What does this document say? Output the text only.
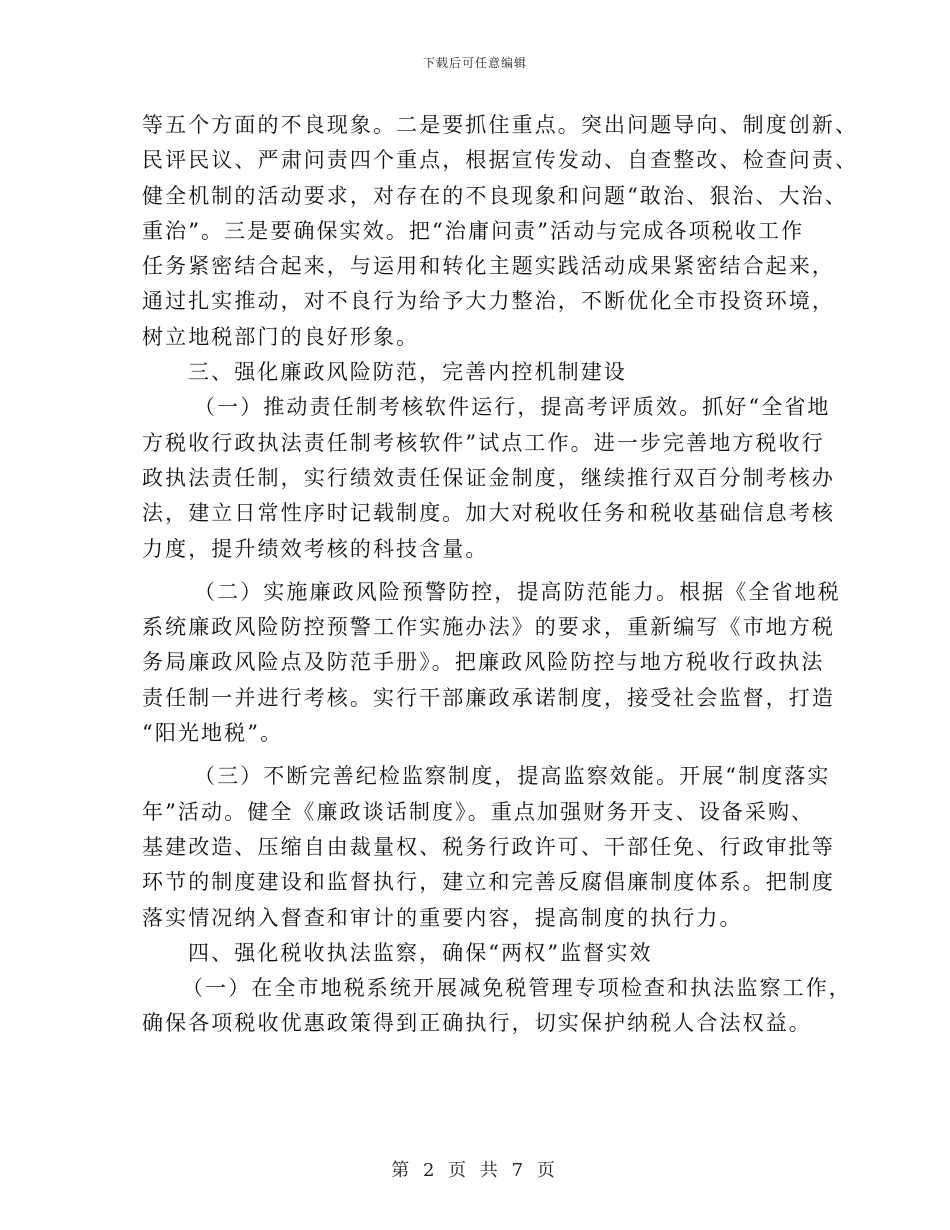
下载后可任意编辑
等五个方面的不良现象。二是要抓住重点。突出问题导向、制度创新、
民评民议、严肃问责四个重点，根据宣传发动、自查整改、检查问责、
健全机制的活动要求，对存在的不良现象和问题“敢治、狠治、大治、
重治”。三是要确保实效。把“治庸问责”活动与完成各项税收工作
任务紧密结合起来，与运用和转化主题实践活动成果紧密结合起来，
通过扎实推动，对不良行为给予大力整治，不断优化全市投资环境，
树立地税部门的良好形象。
三、强化廉政风险防范，完善内控机制建设
（一）推动责任制考核软件运行，提高考评质效。抓好“全省地
方税收行政执法责任制考核软件”试点工作。进一步完善地方税收行
政执法责任制，实行绩效责任保证金制度，继续推行双百分制考核办
法，建立日常性序时记载制度。加大对税收任务和税收基础信息考核
力度，提升绩效考核的科技含量。
（二）实施廉政风险预警防控，提高防范能力。根据《全省地税
系统廉政风险防控预警工作实施办法》的要求，重新编写《市地方税
务局廉政风险点及防范手册》。把廉政风险防控与地方税收行政执法
责任制一并进行考核。实行干部廉政承诺制度，接受社会监督，打造
“阳光地税”。
（三）不断完善纪检监察制度，提高监察效能。开展“制度落实
年”活动。健全《廉政谈话制度》。重点加强财务开支、设备采购、
基建改造、压缩自由裁量权、税务行政许可、干部任免、行政审批等
环节的制度建设和监督执行，建立和完善反腐倡廉制度体系。把制度
落实情况纳入督查和审计的重要内容，提高制度的执行力。
四、强化税收执法监察，确保“两权”监督实效
（一）在全市地税系统开展减免税管理专项检查和执法监察工作，
确保各项税收优惠政策得到正确执行，切实保护纳税人合法权益。
第 2 页 共 7 页
